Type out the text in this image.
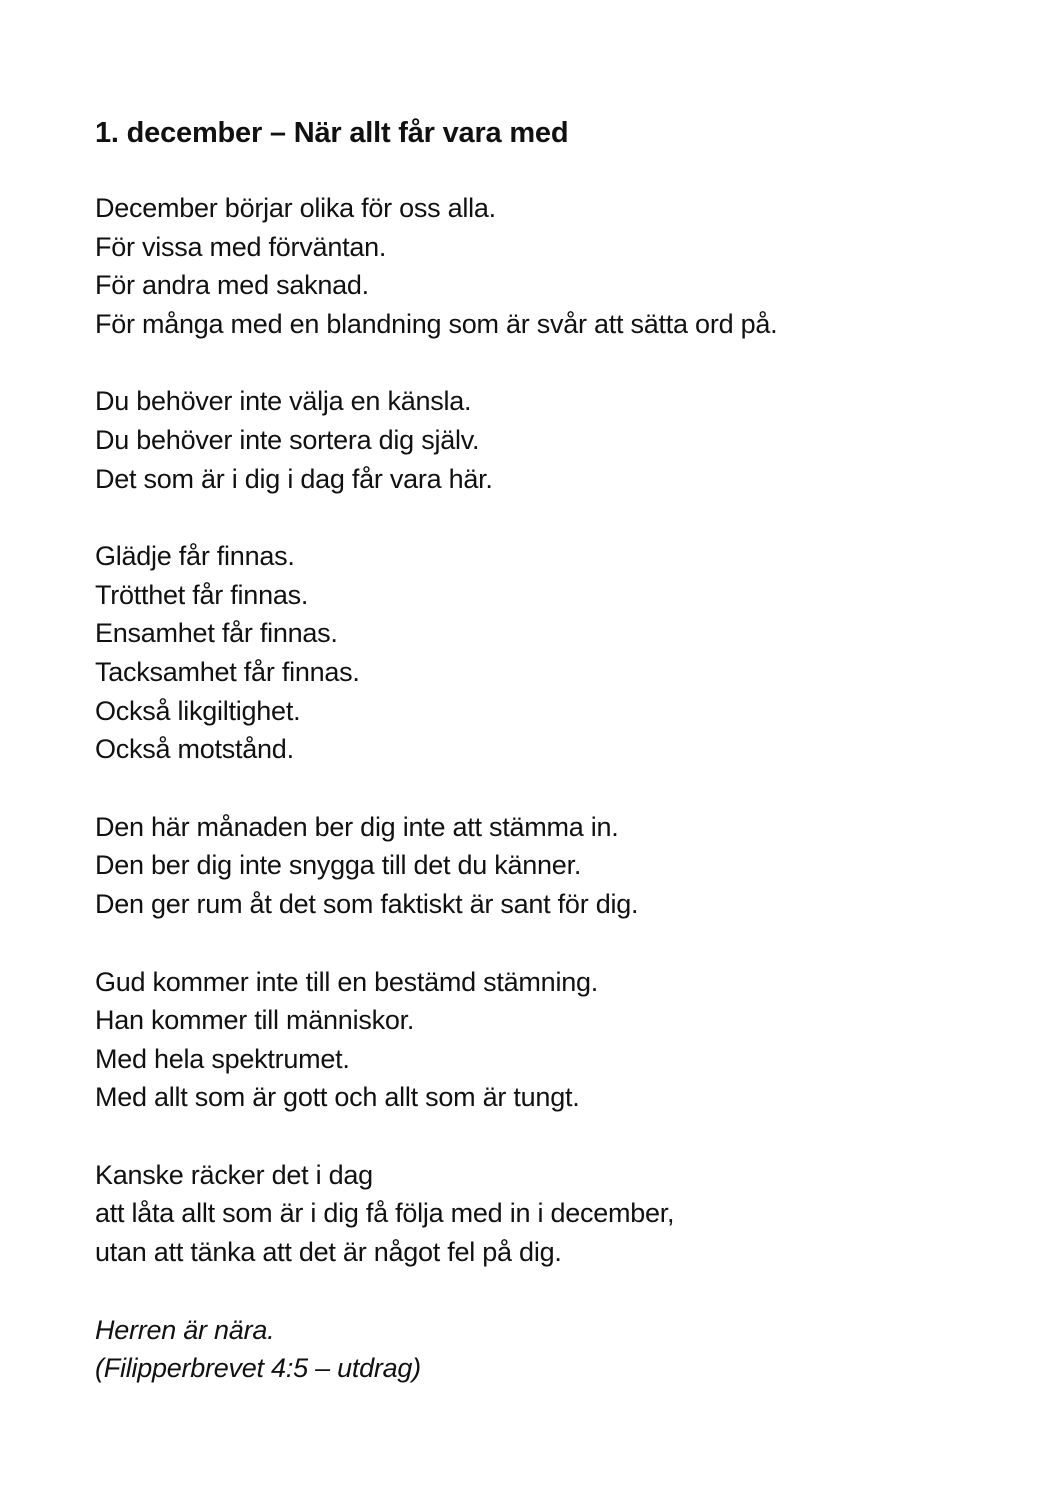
1. december – När allt får vara med
December börjar olika för oss alla.
För vissa med förväntan.
För andra med saknad.
För många med en blandning som är svår att sätta ord på.
Du behöver inte välja en känsla.
Du behöver inte sortera dig själv.
Det som är i dig i dag får vara här.
Glädje får finnas.
Trötthet får finnas.
Ensamhet får finnas.
Tacksamhet får finnas.
Också likgiltighet.
Också motstånd.
Den här månaden ber dig inte att stämma in.
Den ber dig inte snygga till det du känner.
Den ger rum åt det som faktiskt är sant för dig.
Gud kommer inte till en bestämd stämning.
Han kommer till människor.
Med hela spektrumet.
Med allt som är gott och allt som är tungt.
Kanske räcker det i dag
att låta allt som är i dig få följa med in i december,
utan att tänka att det är något fel på dig.
Herren är nära.
(Filipperbrevet 4:5 – utdrag)
